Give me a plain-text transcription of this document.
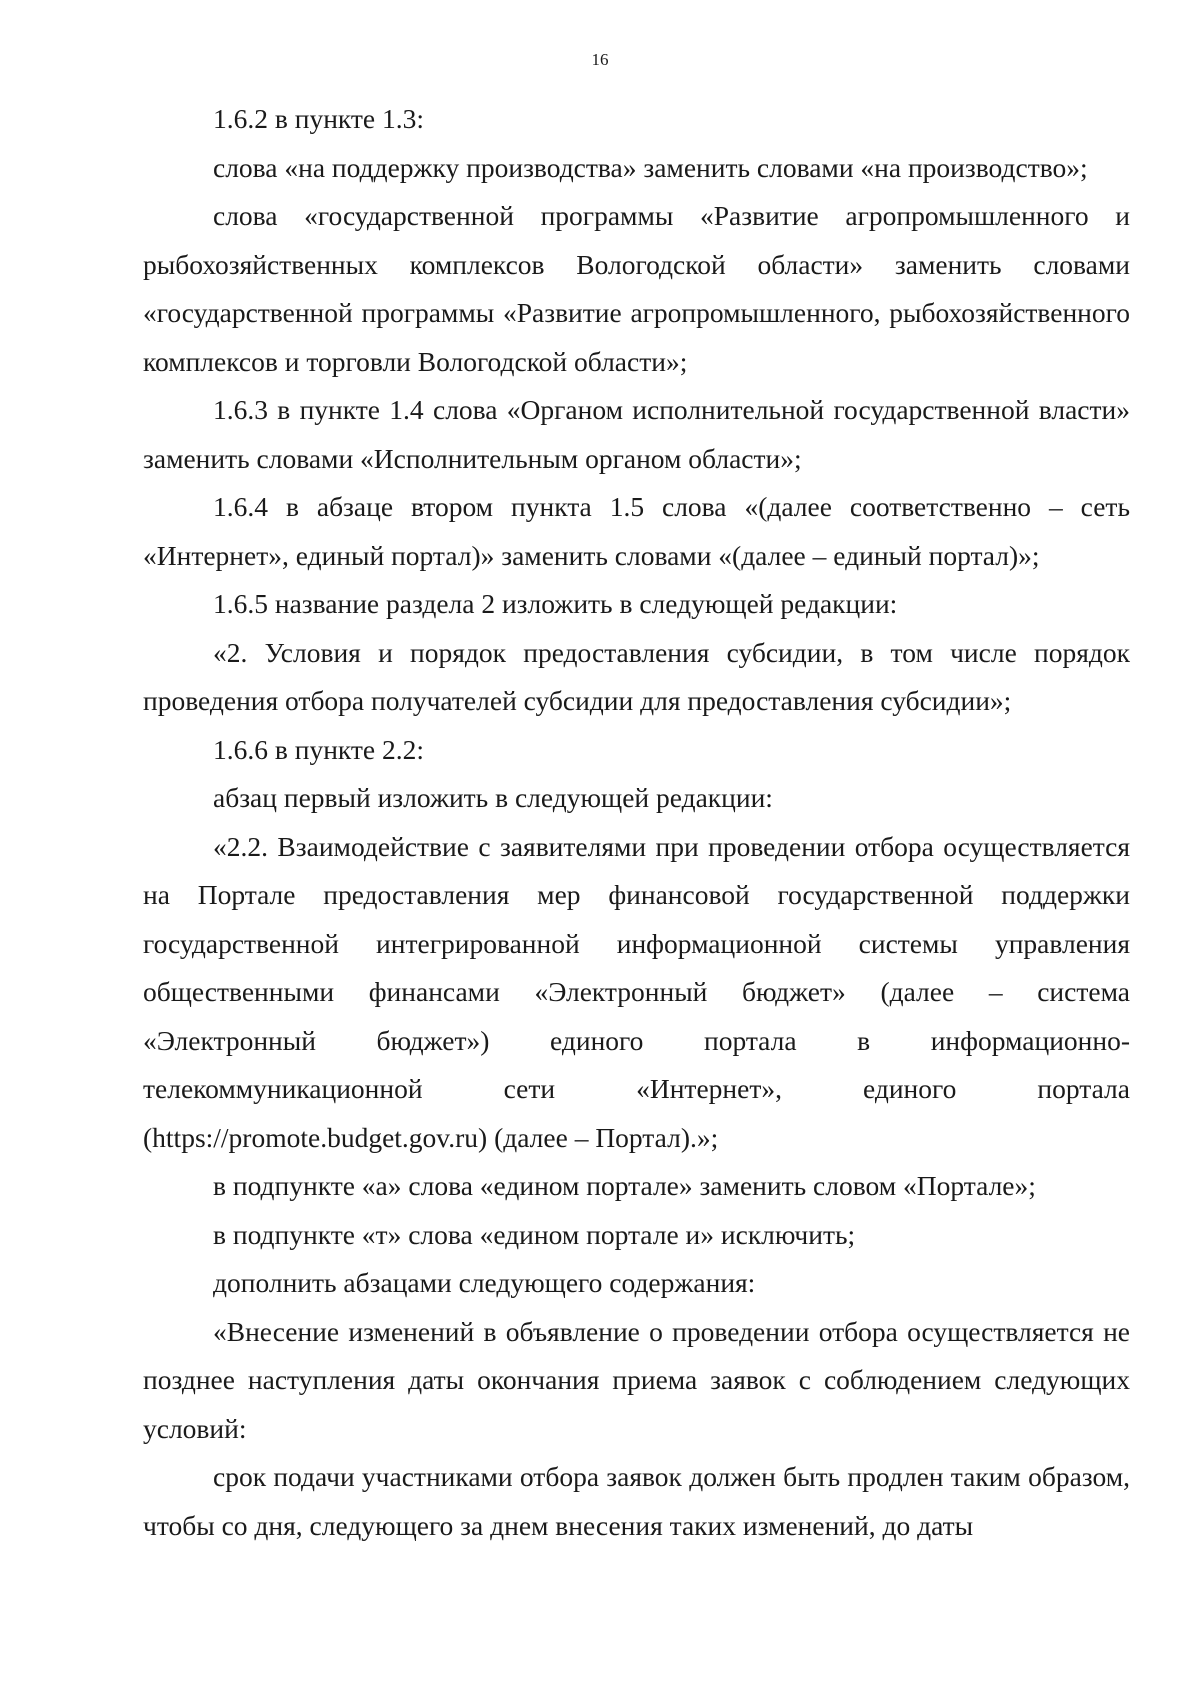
16

1.6.2 в пункте 1.3:

слова «на поддержку производства» заменить словами «на производство»;

слова «государственной программы «Развитие агропромышленного и рыбохозяйственных комплексов Вологодской области» заменить словами «государственной программы «Развитие агропромышленного, рыбохозяйственного комплексов и торговли Вологодской области»;

1.6.3 в пункте 1.4 слова «Органом исполнительной государственной власти» заменить словами «Исполнительным органом области»;

1.6.4 в абзаце втором пункта 1.5 слова «(далее соответственно – сеть «Интернет», единый портал)» заменить словами «(далее – единый портал)»;

1.6.5 название раздела 2 изложить в следующей редакции:

«2. Условия и порядок предоставления субсидии, в том числе порядок проведения отбора получателей субсидии для предоставления субсидии»;

1.6.6 в пункте 2.2:

абзац первый изложить в следующей редакции:

«2.2. Взаимодействие с заявителями при проведении отбора осуществляется на Портале предоставления мер финансовой государственной поддержки государственной интегрированной информационной системы управления общественными финансами «Электронный бюджет» (далее – система «Электронный бюджет») единого портала в информационно-телекоммуникационной сети «Интернет», единого портала (https://promote.budget.gov.ru) (далее – Портал).»;

в подпункте «а» слова «едином портале» заменить словом «Портале»;

в подпункте «т» слова «едином портале и» исключить;

дополнить абзацами следующего содержания:

«Внесение изменений в объявление о проведении отбора осуществляется не позднее наступления даты окончания приема заявок с соблюдением следующих условий:

срок подачи участниками отбора заявок должен быть продлен таким образом, чтобы со дня, следующего за днем внесения таких изменений, до даты
